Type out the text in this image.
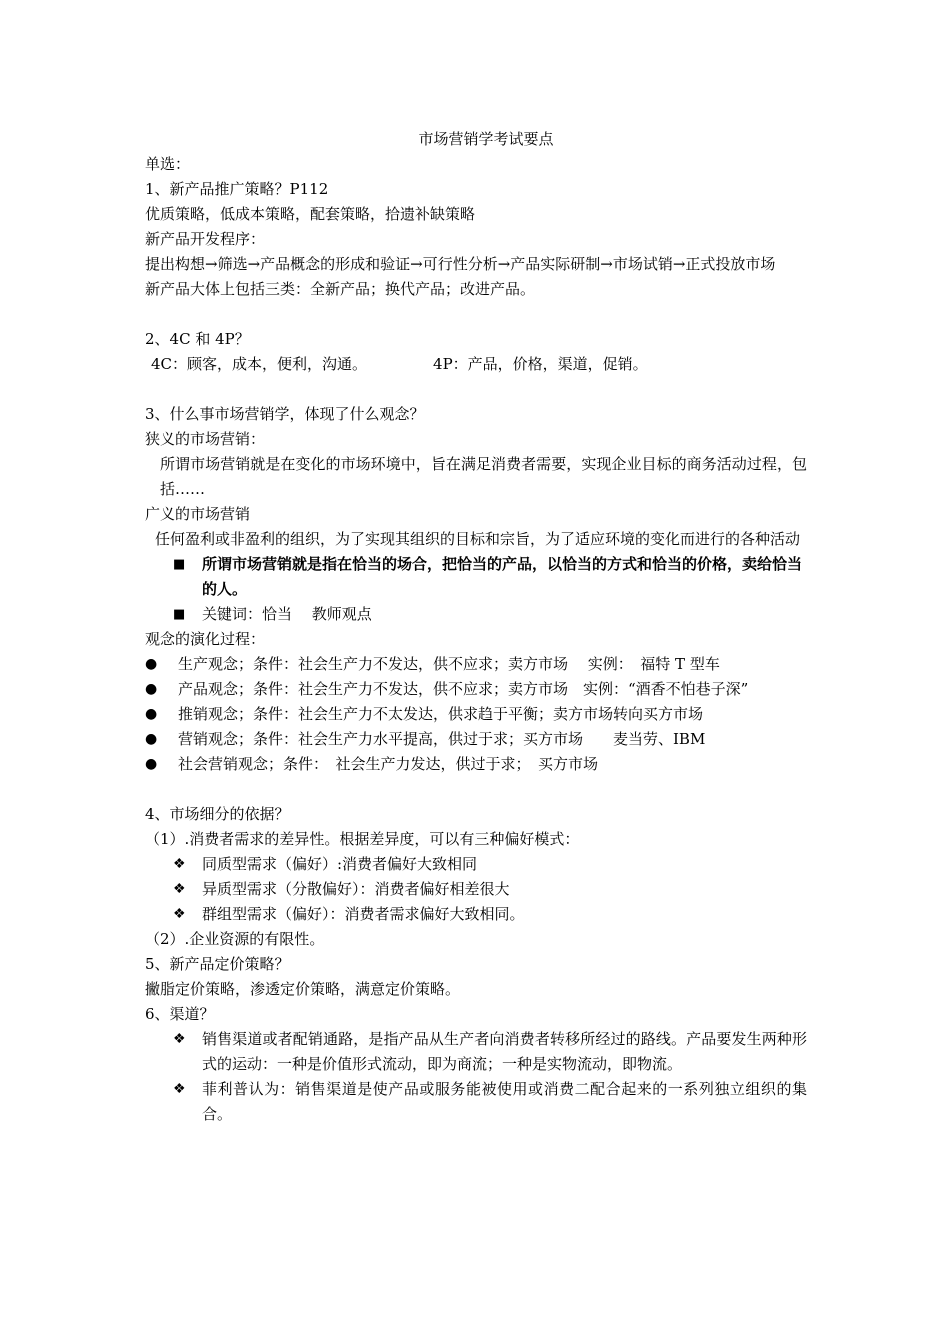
市场营销学考试要点
单选：
1、新产品推广策略？P112
优质策略，低成本策略，配套策略，拾遗补缺策略
新产品开发程序：
提出构想→筛选→产品概念的形成和验证→可行性分析→产品实际研制→市场试销→正式投放市场
新产品大体上包括三类：全新产品；换代产品；改进产品。
2、4C 和 4P？
4C：顾客，成本，便利，沟通。	4P：产品，价格，渠道，促销。
3、什么事市场营销学，体现了什么观念？
狭义的市场营销：
所谓市场营销就是在变化的市场环境中，旨在满足消费者需要，实现企业目标的商务活动过程，包括……
广义的市场营销
任何盈利或非盈利的组织，为了实现其组织的目标和宗旨，为了适应环境的变化而进行的各种活动
■ 所谓市场营销就是指在恰当的场合，把恰当的产品，以恰当的方式和恰当的价格，卖给恰当的人。
■ 关键词：恰当　 教师观点
观念的演化过程：
● 生产观念；条件：社会生产力不发达，供不应求；卖方市场　 实例：　福特 T 型车
● 产品观念；条件：社会生产力不发达，供不应求；卖方市场　实例：“酒香不怕巷子深”
● 推销观念；条件：社会生产力不太发达，供求趋于平衡；卖方市场转向买方市场
● 营销观念；条件：社会生产力水平提高，供过于求；买方市场　　麦当劳、IBM
● 社会营销观念；条件：　社会生产力发达，供过于求；　买方市场
4、市场细分的依据？
（1）.消费者需求的差异性。根据差异度，可以有三种偏好模式：
❖ 同质型需求（偏好）:消费者偏好大致相同
❖ 异质型需求（分散偏好）：消费者偏好相差很大
❖ 群组型需求（偏好）：消费者需求偏好大致相同。
（2）.企业资源的有限性。
5、新产品定价策略？
撇脂定价策略，渗透定价策略，满意定价策略。
6、渠道？
❖ 销售渠道或者配销通路，是指产品从生产者向消费者转移所经过的路线。产品要发生两种形式的运动：一种是价值形式流动，即为商流；一种是实物流动，即物流。
❖ 菲利普认为：销售渠道是使产品或服务能被使用或消费二配合起来的一系列独立组织的集合。
